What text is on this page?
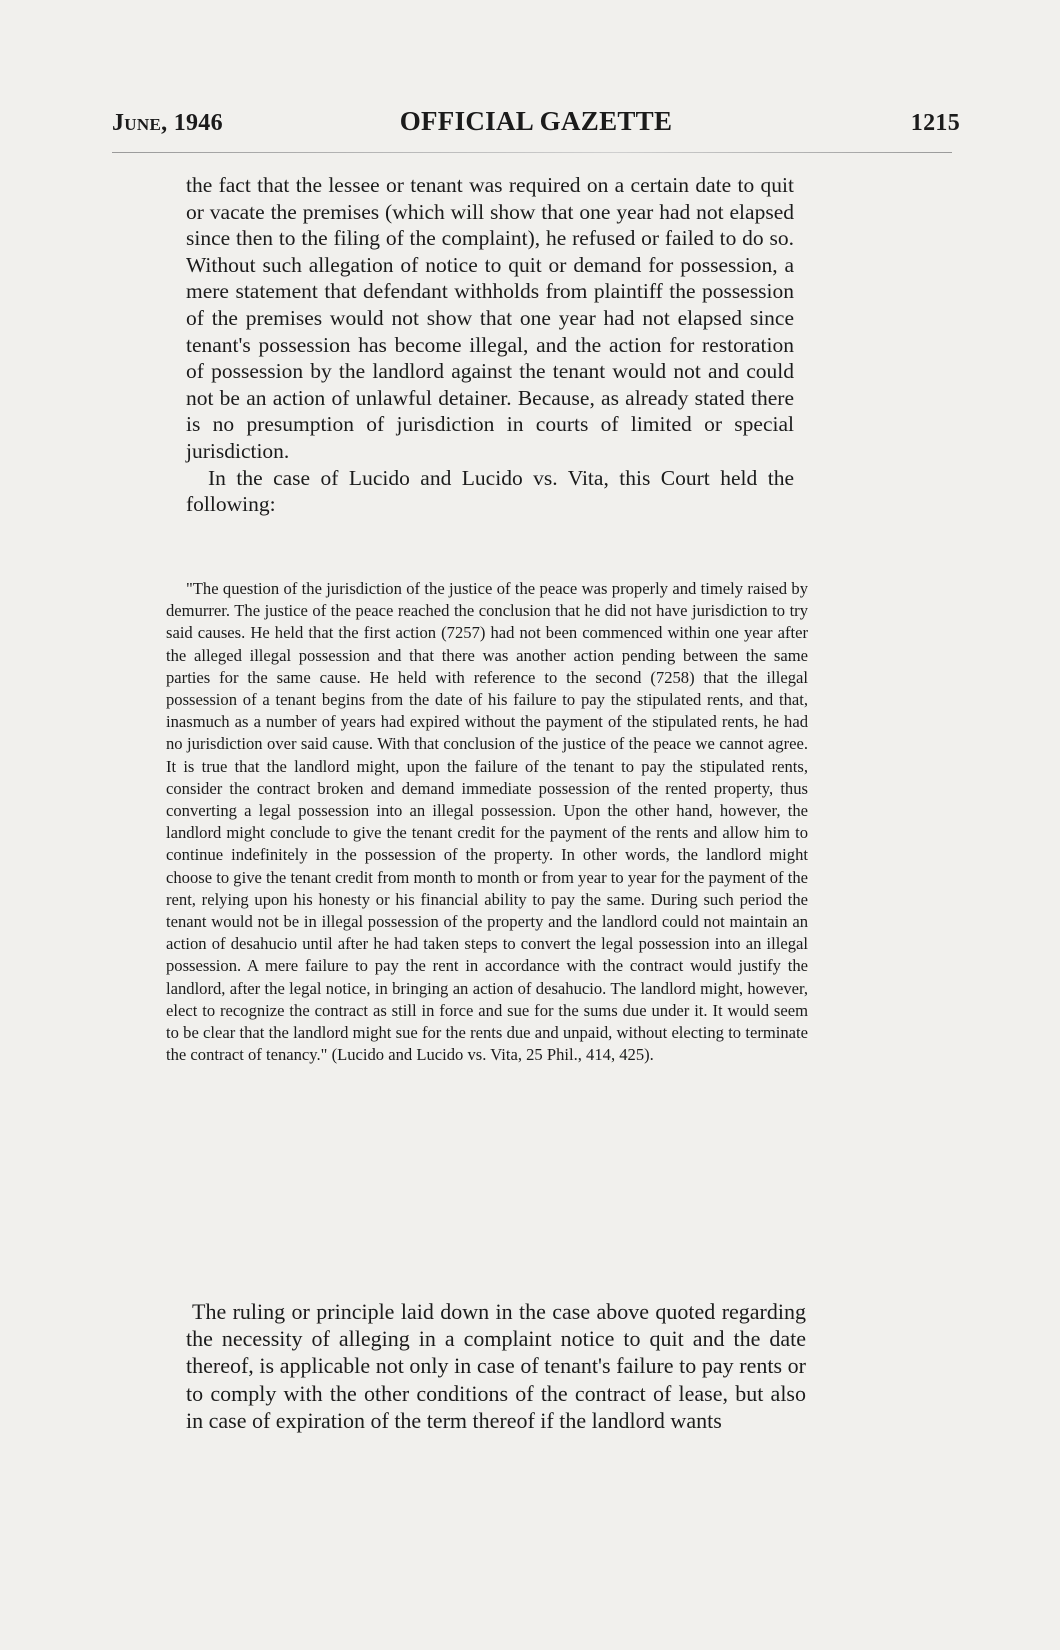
June, 1946	OFFICIAL GAZETTE	1215

the fact that the lessee or tenant was required on a certain date to quit or vacate the premises (which will show that one year had not elapsed since then to the filing of the complaint), he refused or failed to do so. Without such allegation of notice to quit or demand for possession, a mere statement that defendant withholds from plaintiff the possession of the premises would not show that one year had not elapsed since tenant's possession has become illegal, and the action for restoration of possession by the landlord against the tenant would not and could not be an action of unlawful detainer. Because, as already stated there is no presumption of jurisdiction in courts of limited or special jurisdiction.

In the case of Lucido and Lucido vs. Vita, this Court held the following:

"The question of the jurisdiction of the justice of the peace was properly and timely raised by demurrer. The justice of the peace reached the conclusion that he did not have jurisdiction to try said causes. He held that the first action (7257) had not been commenced within one year after the alleged illegal possession and that there was another action pending between the same parties for the same cause. He held with reference to the second (7258) that the illegal possession of a tenant begins from the date of his failure to pay the stipulated rents, and that, inasmuch as a number of years had expired without the payment of the stipulated rents, he had no jurisdiction over said cause. With that conclusion of the justice of the peace we cannot agree. It is true that the landlord might, upon the failure of the tenant to pay the stipulated rents, consider the contract broken and demand immediate possession of the rented property, thus converting a legal possession into an illegal possession. Upon the other hand, however, the landlord might conclude to give the tenant credit for the payment of the rents and allow him to continue indefinitely in the possession of the property. In other words, the landlord might choose to give the tenant credit from month to month or from year to year for the payment of the rent, relying upon his honesty or his financial ability to pay the same. During such period the tenant would not be in illegal possession of the property and the landlord could not maintain an action of desahucio until after he had taken steps to convert the legal possession into an illegal possession. A mere failure to pay the rent in accordance with the contract would justify the landlord, after the legal notice, in bringing an action of desahucio. The landlord might, however, elect to recognize the contract as still in force and sue for the sums due under it. It would seem to be clear that the landlord might sue for the rents due and unpaid, without electing to terminate the contract of tenancy." (Lucido and Lucido vs. Vita, 25 Phil., 414, 425).

The ruling or principle laid down in the case above quoted regarding the necessity of alleging in a complaint notice to quit and the date thereof, is applicable not only in case of tenant's failure to pay rents or to comply with the other conditions of the contract of lease, but also in case of expiration of the term thereof if the landlord wants
